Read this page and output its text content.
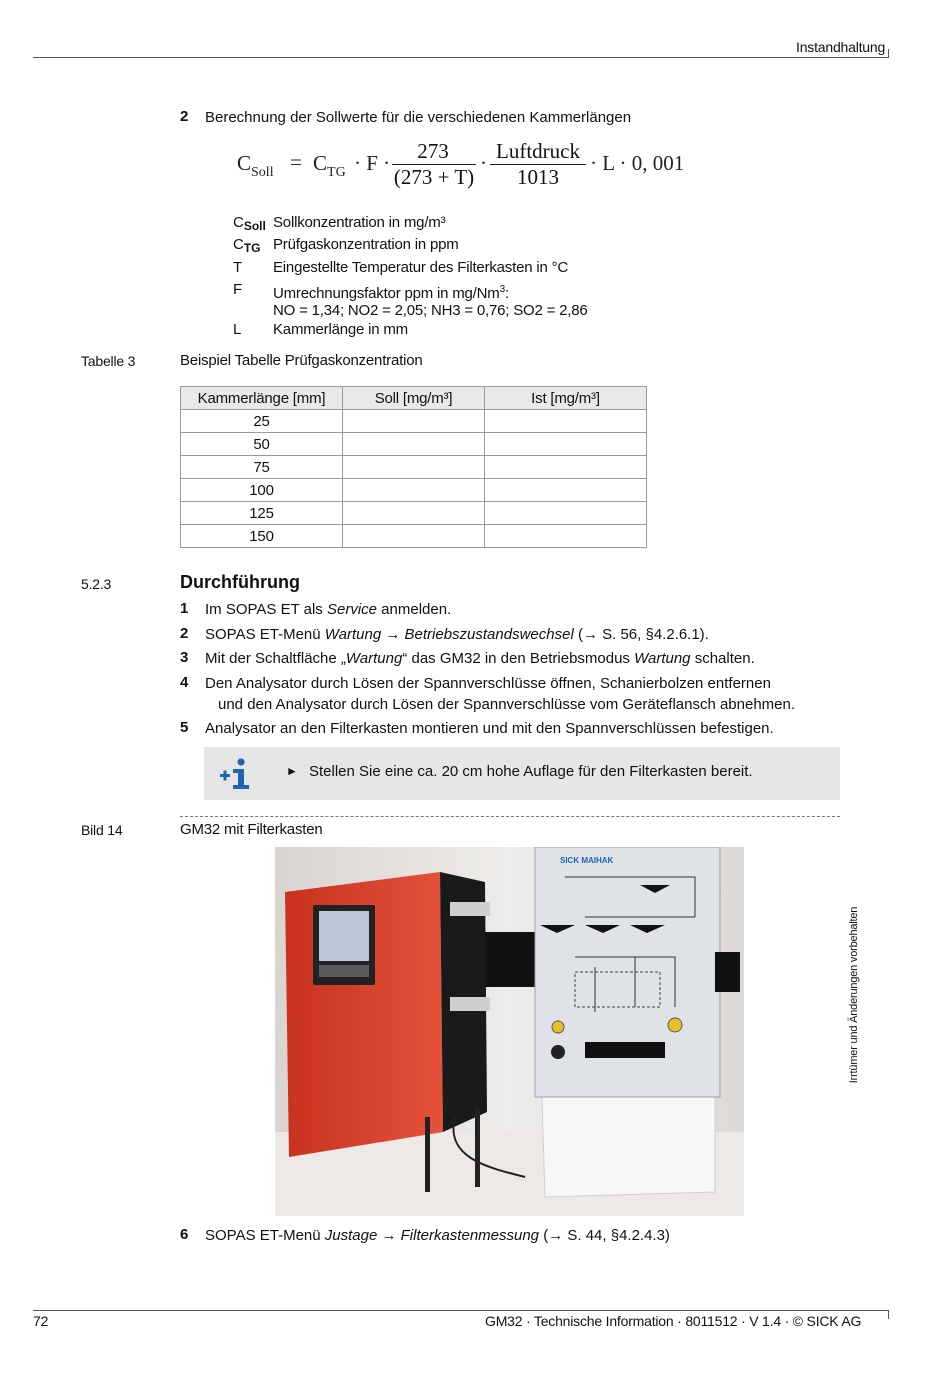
Instandhaltung
2 Berechnung der Sollwerte für die verschiedenen Kammerlängen
$C_{Soll} = C_{TG} \cdot F$ ·	273
(273 + T)
· Luftdruck
1013
· L · 0, 001
$C_{Soll}$ Sollkonzentration in mg/m³
$C_{TG}$ Prüfgaskonzentration in ppm
T Eingestellte Temperatur des Filterkasten in °C
F Umrechnungsfaktor ppm in mg/Nm$^3$:
NO = 1,34; NO2 = 2,05; NH3 = 0,76; SO2 = 2,86
L Kammerlänge in mm
Tabelle 3	Beispiel Tabelle Prüfgaskonzentration
Kammerlänge [mm]	Soll [mg/m³]	Ist [mg/m³]
25		
50		
75		
100		
125		
150		
5.2.3	Durchführung
1 Im SOPAS ET als Service anmelden.
2 SOPAS ET-Menü Wartung → Betriebszustandswechsel (→ S. 56, §4.2.6.1).
3 Mit der Schaltfläche „Wartung“ das GM32 in den Betriebsmodus Wartung schalten.
4 Den Analysator durch Lösen der Spannverschlüsse öffnen, Schanierbolzen entfernen
und den Analysator durch Lösen der Spannverschlüsse vom Geräteflansch abnehmen.
5 Analysator an den Filterkasten montieren und mit den Spannverschlüssen befestigen.
► Stellen Sie eine ca. 20 cm hohe Auflage für den Filterkasten bereit.
Bild 14	GM32 mit Filterkasten
SICK MAIHAK
6 SOPAS ET-Menü Justage → Filterkastenmessung (→ S. 44, §4.2.4.3)
Irrtümer und Änderungen vorbehalten
72	GM32 · Technische Information · 8011512 · V 1.4 · © SICK AG
